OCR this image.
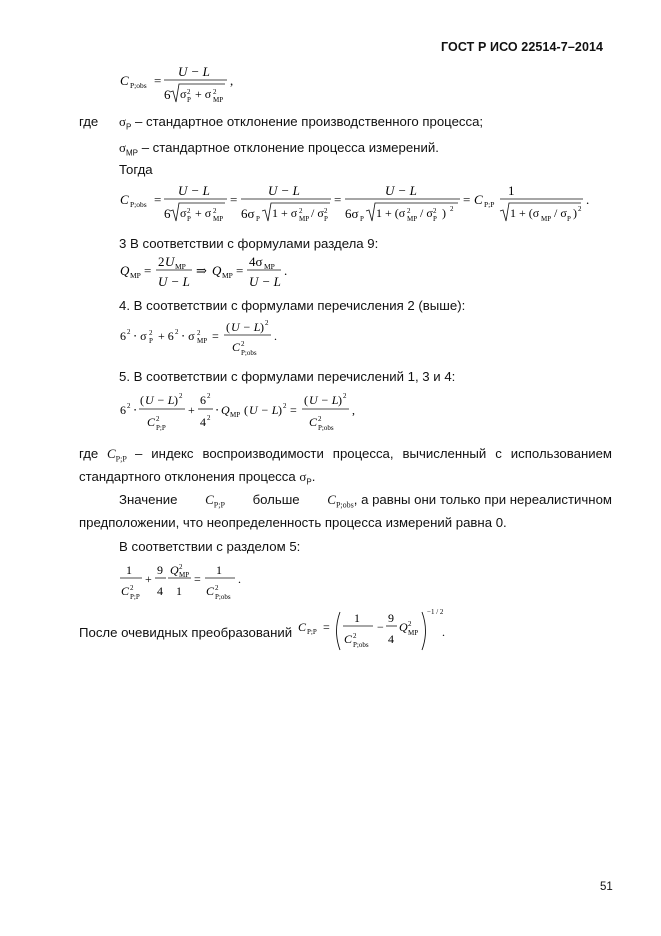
ГОСТ Р ИСО 22514-7–2014
C P;obs =
U − L
6 σ 2
P + σ 2
MP
,
где $\sigma_P$ – стандартное отклонение производственного процесса;
$\sigma_{MP}$ – стандартное отклонение процесса измерений.
Тогда
C P;obs =
U − L
6 σ 2
P + σ 2
MP
=
U − L
6σ P 1 + σ 2
MP / σ 2
P
=
U − L
6σ P 1 + (σ 2
MP / σ 2
P ) 2
= C P;P
1
1 + (σ MP / σ P ) 2
.
3 В соответствии с формулами раздела 9:
Q MP =
2 U MP
U − L
⇒ Q MP =
4σ MP
U − L
.
4. В соответствии с формулами перечисления 2 (выше):
6 2 ⋅ σ 2
P + 6 2 ⋅ σ 2
MP =
( U − L ) 2
C 2
P;obs
.
5. В соответствии с формулами перечислений 1, 3 и 4:
6 2 ⋅
( U − L ) 2
C 2
P;P
+
6 2
4 2
⋅ Q MP ( U − L ) 2 =
( U − L ) 2
C 2
P;obs
,
где $C_{P;P}$ – индекс воспроизводимости процесса, вычисленный с использованием
стандартного отклонения процесса $\sigma_P$.
Значение $C_{P;P}$ больше $C_{P;obs}$, а равны они только при нереалистичном
предположении, что неопределенность процесса измерений равна 0.
В соответствии с разделом 5:
1
C 2
P;P
+
9
4
Q 2
MP
1
=
1
C 2
P;obs
.
После очевидных преобразований C P;P =
1
C 2
P;obs
−
9
4
Q 2
MP
−1 / 2
.
51
